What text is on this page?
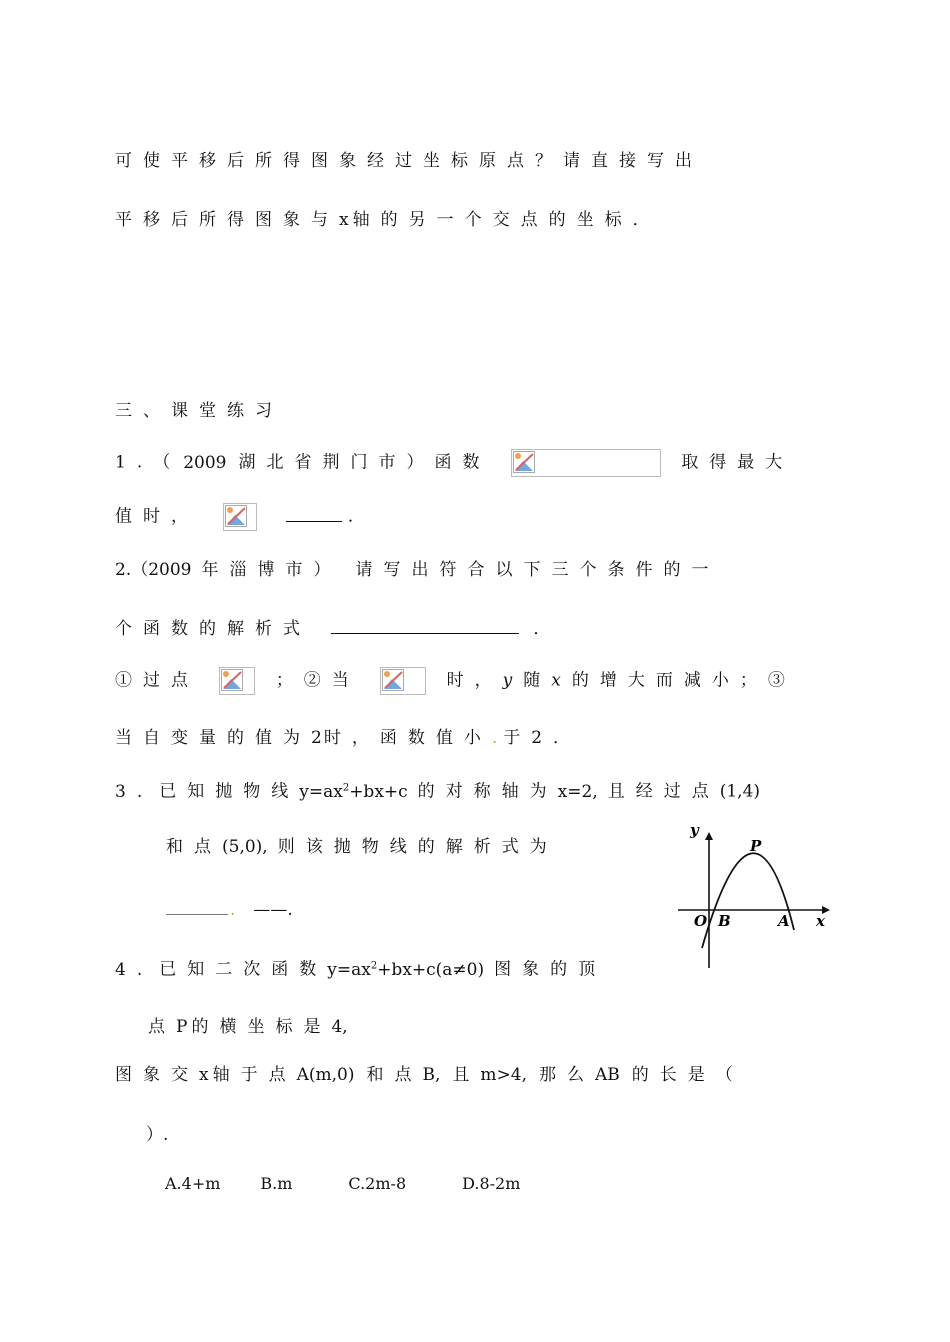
可使平移后所得图象经过坐标原点？请直接写出
平移后所得图象与x 轴的另一个交点的坐标．
三、课堂练习
1.（ 2009 湖北省荆门市）函数	取得最大
值时，	．
2.（2009 年淄博市） 请写出符合以下三个条件的一
个函数的解析式	．
①过点	；②当	时，y随x的增大而减小；③
当自变量的值为2 时，函数值小. 于2．
3. 已知抛物线$y=ax^2+bx+c$ 的对称轴为x=2, 且经过点(1,4)
和点(5,0), 则该抛物线的解析式为
. ——.
y
x
P
O B	A
4. 已知二次函数$y=ax^2+bx+c(a\ne 0)$ 图象的顶
点P 的横坐标是4,
图象交x 轴于点A(m,0) 和点B, 且m>4, 那么AB 的长是（
）.
A.4+m	B.m	C.2m-8	D.8-2m
